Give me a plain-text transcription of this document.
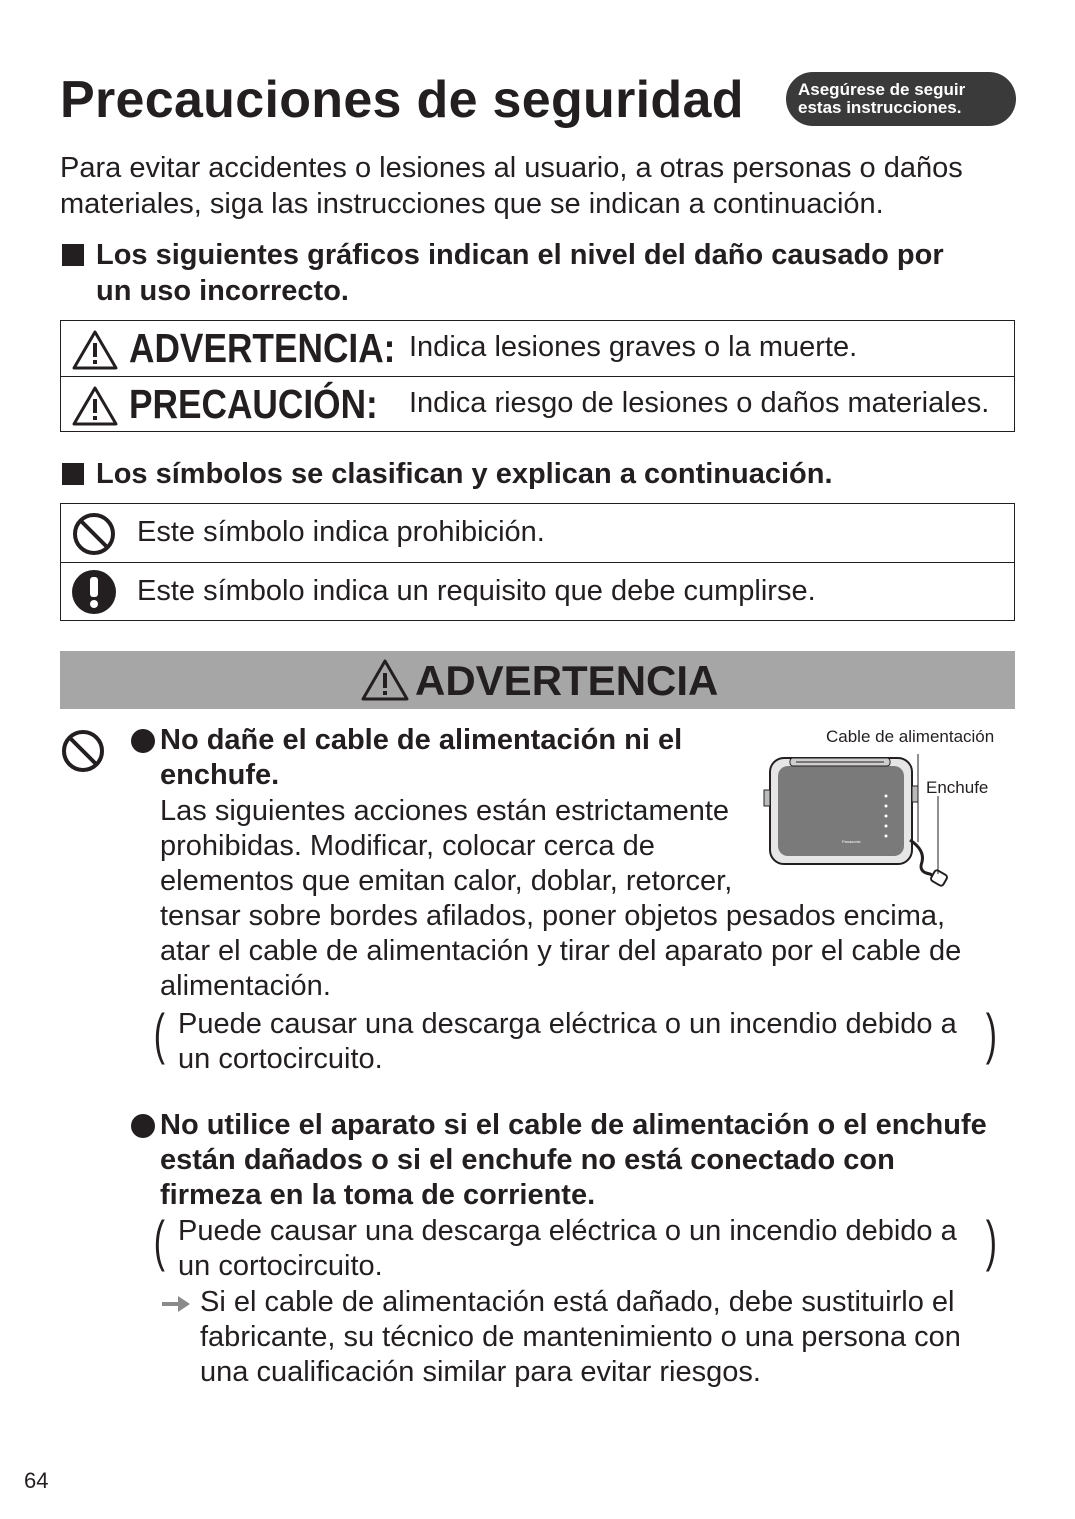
Precauciones de seguridad	Asegúrese de seguir
estas instrucciones.
Para evitar accidentes o lesiones al usuario, a otras personas o daños
materiales, siga las instrucciones que se indican a continuación.
Los siguientes gráficos indican el nivel del daño causado por
un uso incorrecto.
ADVERTENCIA: Indica lesiones graves o la muerte.
PRECAUCIÓN: Indica riesgo de lesiones o daños materiales.
Los símbolos se clasifican y explican a continuación.
Este símbolo indica prohibición.
Este símbolo indica un requisito que debe cumplirse.
ADVERTENCIA
No dañe el cable de alimentación ni el
enchufe.
Las siguientes acciones están estrictamente
prohibidas. Modificar, colocar cerca de
elementos que emitan calor, doblar, retorcer,
tensar sobre bordes afilados, poner objetos pesados encima,
atar el cable de alimentación y tirar del aparato por el cable de
alimentación.
( Puede causar una descarga eléctrica o un incendio debido a
un cortocircuito.	)
Cable de alimentación
Enchufe
Panasonic
No utilice el aparato si el cable de alimentación o el enchufe
están dañados o si el enchufe no está conectado con
firmeza en la toma de corriente.
( Puede causar una descarga eléctrica o un incendio debido a
un cortocircuito.	)
Si el cable de alimentación está dañado, debe sustituirlo el
fabricante, su técnico de mantenimiento o una persona con
una cualificación similar para evitar riesgos.
64
